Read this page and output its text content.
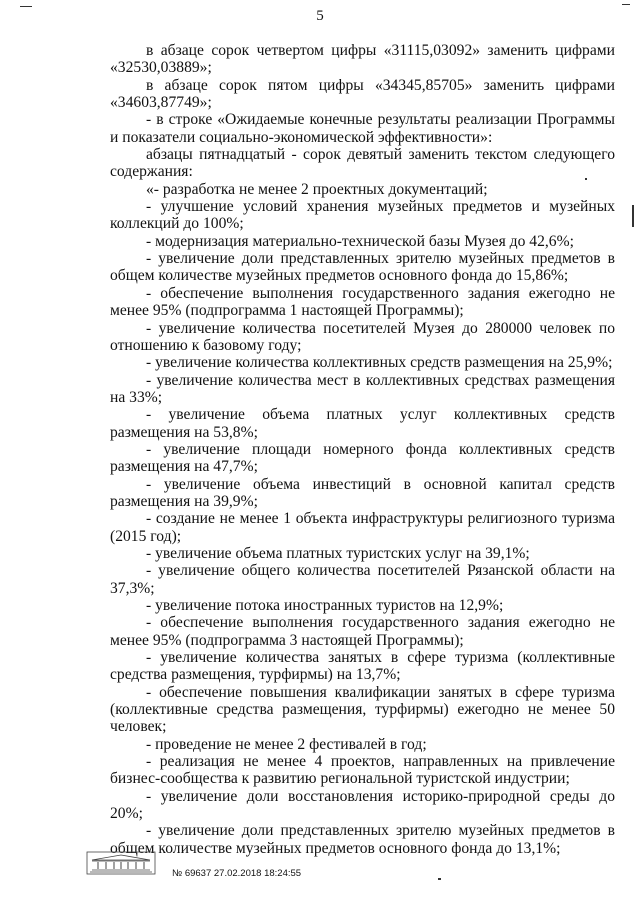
5

в абзаце сорок четвертом цифры «31115,03092» заменить цифрами «32530,03889»;

в абзаце сорок пятом цифры «34345,85705» заменить цифрами «34603,87749»;

- в строке «Ожидаемые конечные результаты реализации Программы и показатели социально-экономической эффективности»:

абзацы пятнадцатый - сорок девятый заменить текстом следующего содержания:

«- разработка не менее 2 проектных документаций;

- улучшение условий хранения музейных предметов и музейных коллекций до 100%;

- модернизация материально-технической базы Музея до 42,6%;

- увеличение доли представленных зрителю музейных предметов в общем количестве музейных предметов основного фонда до 15,86%;

- обеспечение выполнения государственного задания ежегодно не менее 95% (подпрограмма 1 настоящей Программы);

- увеличение количества посетителей Музея до 280000 человек по отношению к базовому году;

- увеличение количества коллективных средств размещения на 25,9%;

- увеличение количества мест в коллективных средствах размещения на 33%;

- увеличение объема платных услуг коллективных средств размещения на 53,8%;

- увеличение площади номерного фонда коллективных средств размещения на 47,7%;

- увеличение объема инвестиций в основной капитал средств размещения на 39,9%;

- создание не менее 1 объекта инфраструктуры религиозного туризма (2015 год);

- увеличение объема платных туристских услуг на 39,1%;

- увеличение общего количества посетителей Рязанской области на 37,3%;

- увеличение потока иностранных туристов на 12,9%;

- обеспечение выполнения государственного задания ежегодно не менее 95% (подпрограмма 3 настоящей Программы);

- увеличение количества занятых в сфере туризма (коллективные средства размещения, турфирмы) на 13,7%;

- обеспечение повышения квалификации занятых в сфере туризма (коллективные средства размещения, турфирмы) ежегодно не менее 50 человек;

- проведение не менее 2 фестивалей в год;

- реализация не менее 4 проектов, направленных на привлечение бизнес-сообщества к развитию региональной туристской индустрии;

- увеличение доли восстановления историко-природной среды до 20%;

- увеличение доли представленных зрителю музейных предметов в общем количестве музейных предметов основного фонда до 13,1%;

№ 69637 27.02.2018 18:24:55
